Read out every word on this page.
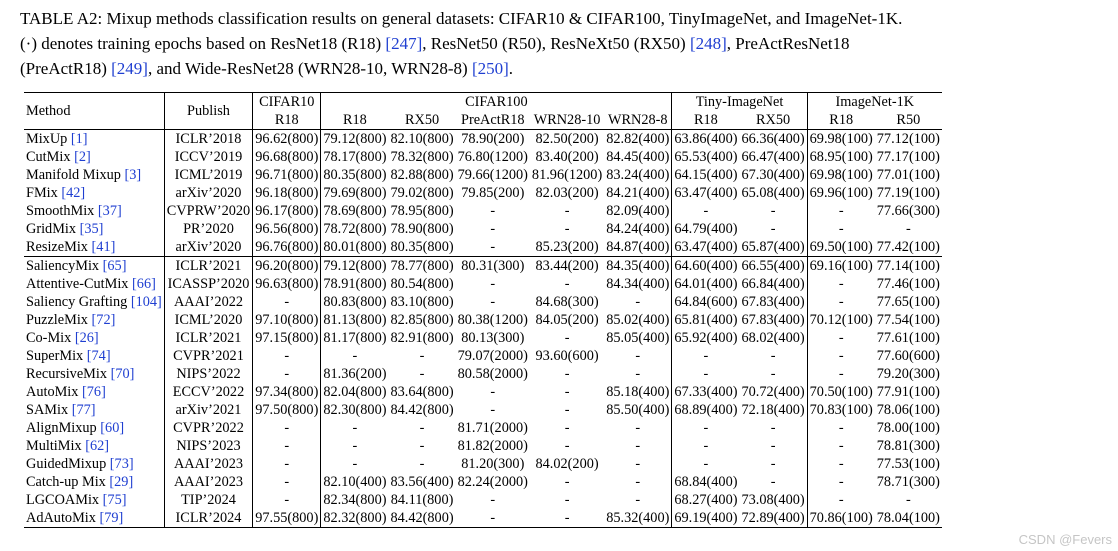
TABLE A2: Mixup methods classification results on general datasets: CIFAR10 & CIFAR100, TinyImageNet, and ImageNet-1K.
(·) denotes training epochs based on ResNet18 (R18) [247], ResNet50 (R50), ResNeXt50 (RX50) [248], PreActResNet18
(PreActR18) [249], and Wide-ResNet28 (WRN28-10, WRN28-8) [250].
Method	Publish	CIFAR10	CIFAR100					Tiny-ImageNet		ImageNet-1K	
		R18	R18	RX50	PreActR18	WRN28-10	WRN28-8	R18	RX50	R18	R50
MixUp [1]	ICLR’2018	96.62(800)	79.12(800)	82.10(800)	78.90(200)	82.50(200)	82.82(400)	63.86(400)	66.36(400)	69.98(100)	77.12(100)
CutMix [2]	ICCV’2019	96.68(800)	78.17(800)	78.32(800)	76.80(1200)	83.40(200)	84.45(400)	65.53(400)	66.47(400)	68.95(100)	77.17(100)
Manifold Mixup [3]	ICML’2019	96.71(800)	80.35(800)	82.88(800)	79.66(1200)	81.96(1200)	83.24(400)	64.15(400)	67.30(400)	69.98(100)	77.01(100)
FMix [42]	arXiv’2020	96.18(800)	79.69(800)	79.02(800)	79.85(200)	82.03(200)	84.21(400)	63.47(400)	65.08(400)	69.96(100)	77.19(100)
SmoothMix [37]	CVPRW’2020	96.17(800)	78.69(800)	78.95(800)	-	-	82.09(400)	-	-	-	77.66(300)
GridMix [35]	PR’2020	96.56(800)	78.72(800)	78.90(800)	-	-	84.24(400)	64.79(400)	-	-	-
ResizeMix [41]	arXiv’2020	96.76(800)	80.01(800)	80.35(800)	-	85.23(200)	84.87(400)	63.47(400)	65.87(400)	69.50(100)	77.42(100)
SaliencyMix [65]	ICLR’2021	96.20(800)	79.12(800)	78.77(800)	80.31(300)	83.44(200)	84.35(400)	64.60(400)	66.55(400)	69.16(100)	77.14(100)
Attentive-CutMix [66]	ICASSP’2020	96.63(800)	78.91(800)	80.54(800)	-	-	84.34(400)	64.01(400)	66.84(400)	-	77.46(100)
Saliency Grafting [104]	AAAI’2022	-	80.83(800)	83.10(800)	-	84.68(300)	-	64.84(600)	67.83(400)	-	77.65(100)
PuzzleMix [72]	ICML’2020	97.10(800)	81.13(800)	82.85(800)	80.38(1200)	84.05(200)	85.02(400)	65.81(400)	67.83(400)	70.12(100)	77.54(100)
Co-Mix [26]	ICLR’2021	97.15(800)	81.17(800)	82.91(800)	80.13(300)	-	85.05(400)	65.92(400)	68.02(400)	-	77.61(100)
SuperMix [74]	CVPR’2021	-	-	-	79.07(2000)	93.60(600)	-	-	-	-	77.60(600)
RecursiveMix [70]	NIPS’2022	-	81.36(200)	-	80.58(2000)	-	-	-	-	-	79.20(300)
AutoMix [76]	ECCV’2022	97.34(800)	82.04(800)	83.64(800)	-	-	85.18(400)	67.33(400)	70.72(400)	70.50(100)	77.91(100)
SAMix [77]	arXiv’2021	97.50(800)	82.30(800)	84.42(800)	-	-	85.50(400)	68.89(400)	72.18(400)	70.83(100)	78.06(100)
AlignMixup [60]	CVPR’2022	-	-	-	81.71(2000)	-	-	-	-	-	78.00(100)
MultiMix [62]	NIPS’2023	-	-	-	81.82(2000)	-	-	-	-	-	78.81(300)
GuidedMixup [73]	AAAI’2023	-	-	-	81.20(300)	84.02(200)	-	-	-	-	77.53(100)
Catch-up Mix [29]	AAAI’2023	-	82.10(400)	83.56(400)	82.24(2000)	-	-	68.84(400)	-	-	78.71(300)
LGCOAMix [75]	TIP’2024	-	82.34(800)	84.11(800)	-	-	-	68.27(400)	73.08(400)	-	-
AdAutoMix [79]	ICLR’2024	97.55(800)	82.32(800)	84.42(800)	-	-	85.32(400)	69.19(400)	72.89(400)	70.86(100)	78.04(100)
CSDN @Fevers
